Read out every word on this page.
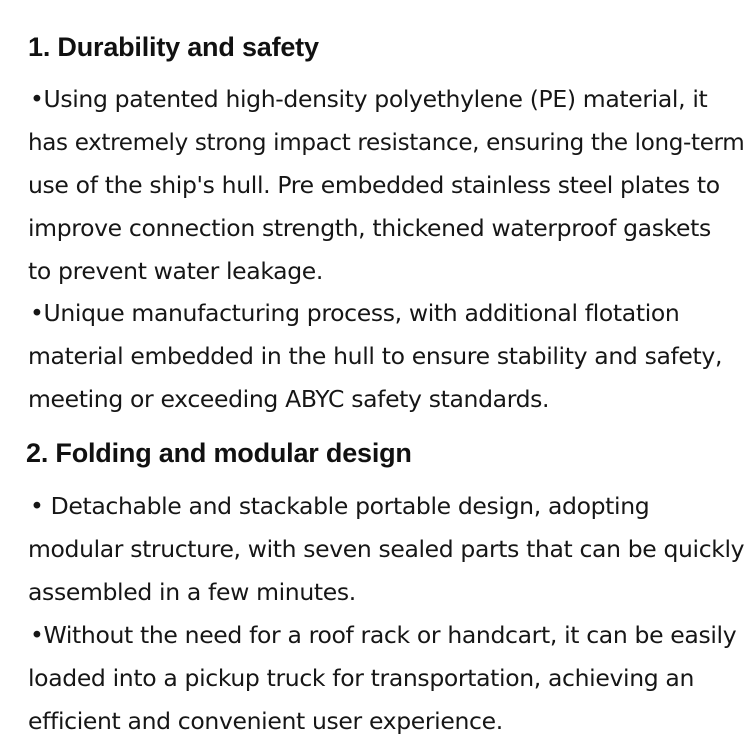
1. Durability and safety
•Using patented high-density polyethylene (PE) material, it
has extremely strong impact resistance, ensuring the long-term
use of the ship's hull. Pre embedded stainless steel plates to
improve connection strength, thickened waterproof gaskets
to prevent water leakage.
•Unique manufacturing process, with additional flotation
material embedded in the hull to ensure stability and safety,
meeting or exceeding ABYC safety standards.
2. Folding and modular design
• Detachable and stackable portable design, adopting
modular structure, with seven sealed parts that can be quickly
assembled in a few minutes.
•Without the need for a roof rack or handcart, it can be easily
loaded into a pickup truck for transportation, achieving an
efficient and convenient user experience.
